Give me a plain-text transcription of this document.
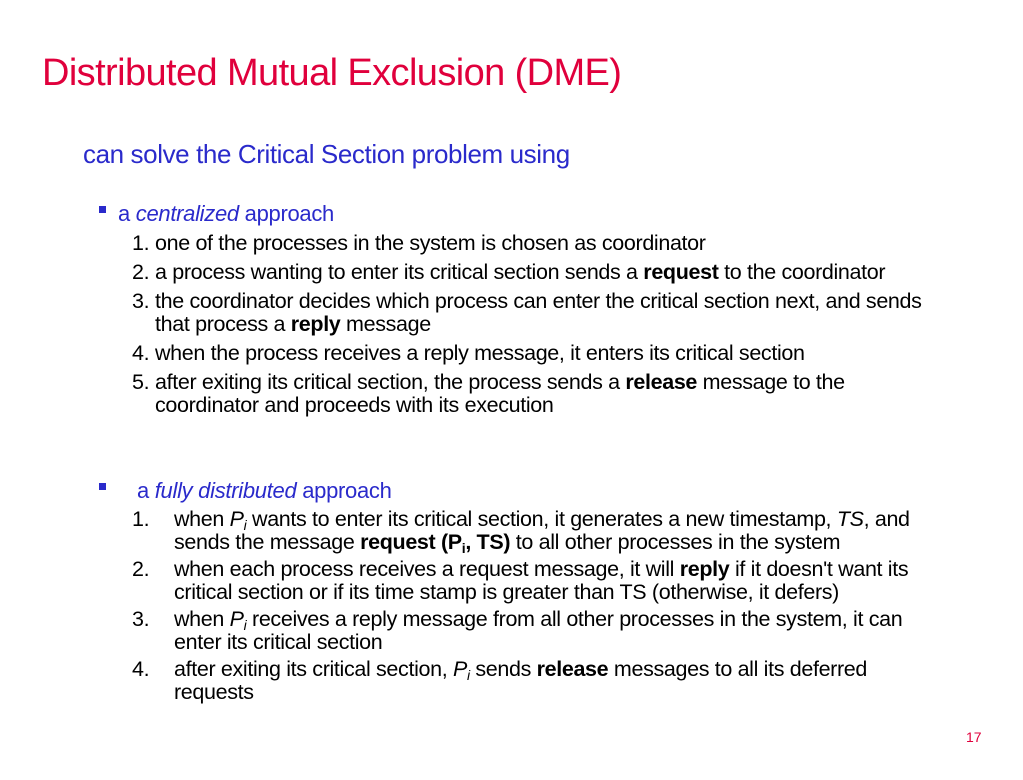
Distributed Mutual Exclusion (DME)

can solve the Critical Section problem using

a centralized approach
1. one of the processes in the system is chosen as coordinator
2. a process wanting to enter its critical section sends a request to the coordinator
3. the coordinator decides which process can enter the critical section next, and sends that process a reply message
4. when the process receives a reply message, it enters its critical section
5. after exiting its critical section, the process sends a release message to the coordinator and proceeds with its execution
a fully distributed approach
1. when $P_i$ wants to enter its critical section, it generates a new timestamp, TS, and sends the message request ($P_i$, TS) to all other processes in the system
2. when each process receives a request message, it will reply if it doesn't want its critical section or if its time stamp is greater than TS (otherwise, it defers)
3. when $P_i$ receives a reply message from all other processes in the system, it can enter its critical section
4. after exiting its critical section, $P_i$ sends release messages to all its deferred requests
17
